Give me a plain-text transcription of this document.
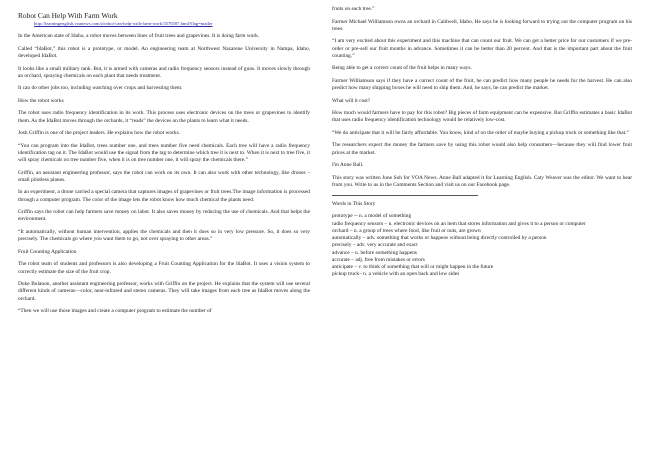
Robot Can Help With Farm Work
http://learningenglish.voanews.com/a/robot-can-help-with-farm-work/3576587.html?flag=mailer

In the American state of Idaho, a robot moves between lines of fruit trees and grapevines. It is doing farm work.

Called “IdaBot,” this robot is a prototype, or model. An engineering team at Northwest Nazarene University in Nampa, Idaho, developed IdaBot.

It looks like a small military tank. But, it is armed with cameras and radio frequency sensors instead of guns. It moves slowly through an orchard, spraying chemicals on each plant that needs treatment.

It can do other jobs too, including watching over crops and harvesting them.

How the robot works

The robot uses radio frequency identification in its work. This process uses electronic devices on the trees or grapevines to identify them. As the IdaBot moves through the orchards, it “reads” the devices on the plants to learn what it needs.

Josh Griffin is one of the project leaders. He explains how the robot works.

“You can program into the IdaBot, trees number one, and trees number five need chemicals. Each tree will have a radio frequency identification tag on it. The IdaBot would use the signal from the tag to determine which tree it is next to. When it is next to tree five, it will spray chemicals on tree number five, when it is on tree number one, it will spray the chemicals there.”

Griffin, an assistant engineering professor, says the robot can work on its own. It can also work with other technology, like drones – small pilotless planes.

In an experiment, a drone carried a special camera that captures images of grapevines or fruit trees.The image information is processed through a computer program. The color of the image lets the robot know how much chemical the plants need.

Griffin says the robot can help farmers save money on labor. It also saves money by reducing the use of chemicals. And that helps the environment.

“It automatically, without human intervention, applies the chemicals and then it does so in very low pressure. So, it does so very precisely. The chemicals go where you want them to go, not over spraying to other areas.”

Fruit Counting Application

The robot team of students and professors is also developing a Fruit Counting Application for the IdaBot. It uses a vision system to correctly estimate the size of the fruit crop.

Duke Bulanon, another assistant engineering professor, works with Griffin on the project. He explains that the system will use several different kinds of cameras—color, near-infrared and stereo cameras. They will take images from each tree as IdaBot moves along the orchard.

“Then we will use those images and create a computer program to estimate the number of

fruits on each tree.”

Farmer Michael Williamson owns an orchard in Caldwell, Idaho. He says he is looking forward to trying out the computer program on his trees.

“I am very excited about this experiment and this machine that can count our fruit. We can get a better price for our customers if we pre-order or pre-sell our fruit months in advance. Sometimes it can be better than 20 percent. And that is the important part about the fruit counting.”

Being able to get a correct count of the fruit helps in many ways.

Farmer Williamson says if they have a correct count of the fruit, he can predict how many people he needs for the harvest. He can also predict how many shipping boxes he will need to ship them. And, he says, he can predict the market.

What will it cost?

How much would farmers have to pay for this robot? Big pieces of farm equipment can be expensive. But Griffin estimates a basic IdaBot that uses radio frequency identification technology would be relatively low-cost.

“We do anticipate that it will be fairly affordable. You know, kind of on the order of maybe buying a pickup truck or something like that.”

The researchers expect the money the farmers save by using this robot would also help consumers—because they will find lower fruit prices at the market.

I'm Anne Ball.

This story was written June Soh for VOA News. Anne Ball adapted it for Learning English. Caty Weaver was the editor. We want to hear from you. Write to us in the Comments Section and visit us on our Facebook page.

Words in This Story

prototype -- n. a model of something

radio frequency sensors – n. electronic devices on an item that stores information and gives it to a person or computer

orchard – n. a group of trees where food, like fruit or nuts, are grown

automatically – adv. something that works or happens without being directly controlled by a person

precisely – adv. very accurate and exact

advance – n. before something happens

accurate – adj. free from mistakes or errors

anticipate – v. to think of something that will or might happen in the future

pickup truck– n. a vehicle with an open back and low sides
